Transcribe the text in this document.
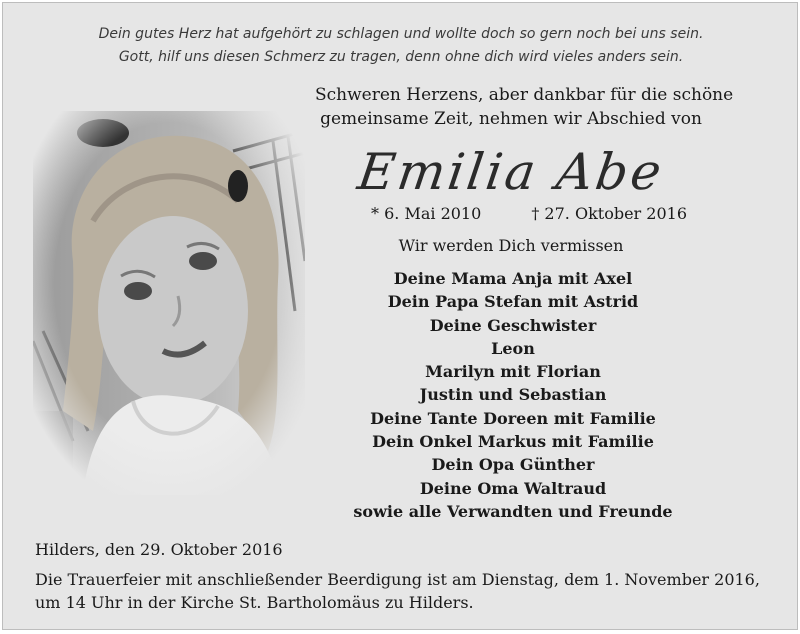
Dein gutes Herz hat aufgehört zu schlagen und wollte doch so gern noch bei uns sein.
Gott, hilf uns diesen Schmerz zu tragen, denn ohne dich wird vieles anders sein.
Schweren Herzens, aber dankbar für die schöne
gemeinsame Zeit, nehmen wir Abschied von
Emilia Abe
* 6. Mai 2010	† 27. Oktober 2016
Wir werden Dich vermissen
Deine Mama Anja mit Axel
Dein Papa Stefan mit Astrid
Deine Geschwister
Leon
Marilyn mit Florian
Justin und Sebastian
Deine Tante Doreen mit Familie
Dein Onkel Markus mit Familie
Dein Opa Günther
Deine Oma Waltraud
sowie alle Verwandten und Freunde
Hilders, den 29. Oktober 2016
Die Trauerfeier mit anschließender Beerdigung ist am Dienstag, dem 1. November 2016,
um 14 Uhr in der Kirche St. Bartholomäus zu Hilders.
